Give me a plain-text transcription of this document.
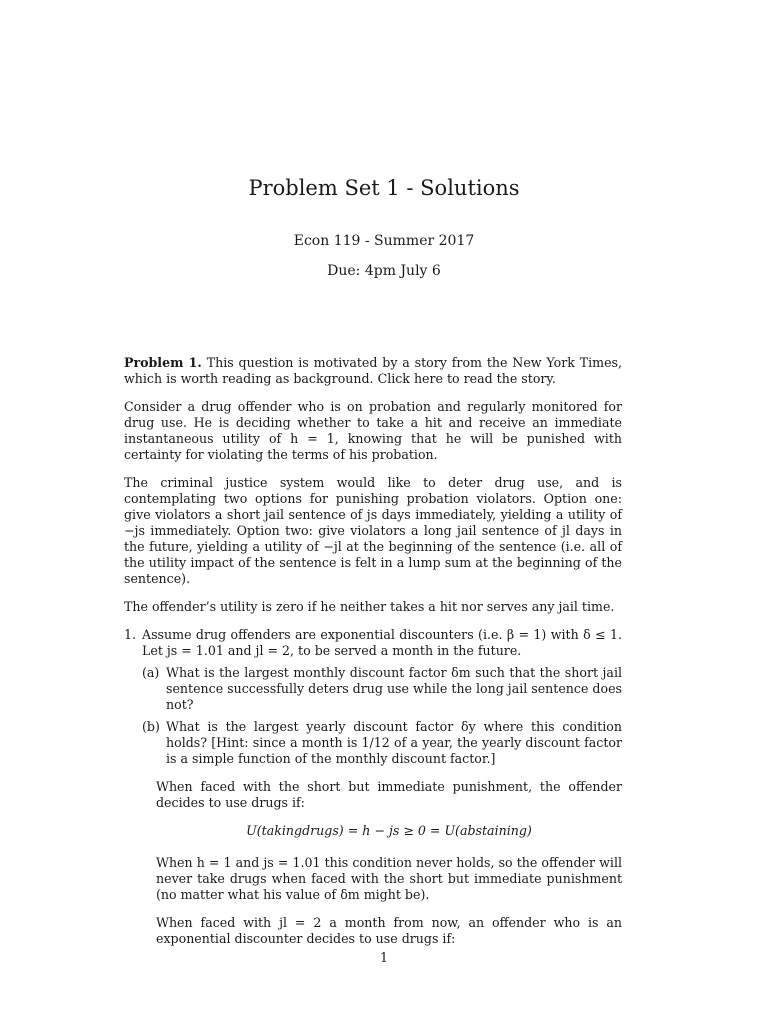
Problem Set 1 - Solutions
Econ 119 - Summer 2017
Due: 4pm July 6

Problem 1. This question is motivated by a story from the New York Times, which is worth reading as background. Click here to read the story.

Consider a drug offender who is on probation and regularly monitored for drug use. He is deciding whether to take a hit and receive an immediate instantaneous utility of h = 1, knowing that he will be punished with certainty for violating the terms of his probation.

The criminal justice system would like to deter drug use, and is contemplating two options for punishing probation violators. Option one: give violators a short jail sentence of js days immediately, yielding a utility of −js immediately. Option two: give violators a long jail sentence of jl days in the future, yielding a utility of −jl at the beginning of the sentence (i.e. all of the utility impact of the sentence is felt in a lump sum at the beginning of the sentence).

The offender’s utility is zero if he neither takes a hit nor serves any jail time.

1. Assume drug offenders are exponential discounters (i.e. β = 1) with δ ≤ 1. Let js = 1.01 and jl = 2, to be served a month in the future.
(a) What is the largest monthly discount factor δm such that the short jail sentence successfully deters drug use while the long jail sentence does not?
(b) What is the largest yearly discount factor δy where this condition holds? [Hint: since a month is 1/12 of a year, the yearly discount factor is a simple function of the monthly discount factor.]

When faced with the short but immediate punishment, the offender decides to use drugs if:

U(takingdrugs) = h − js ≥ 0 = U(abstaining)

When h = 1 and js = 1.01 this condition never holds, so the offender will never take drugs when faced with the short but immediate punishment (no matter what his value of δm might be).

When faced with jl = 2 a month from now, an offender who is an exponential discounter decides to use drugs if:

1
